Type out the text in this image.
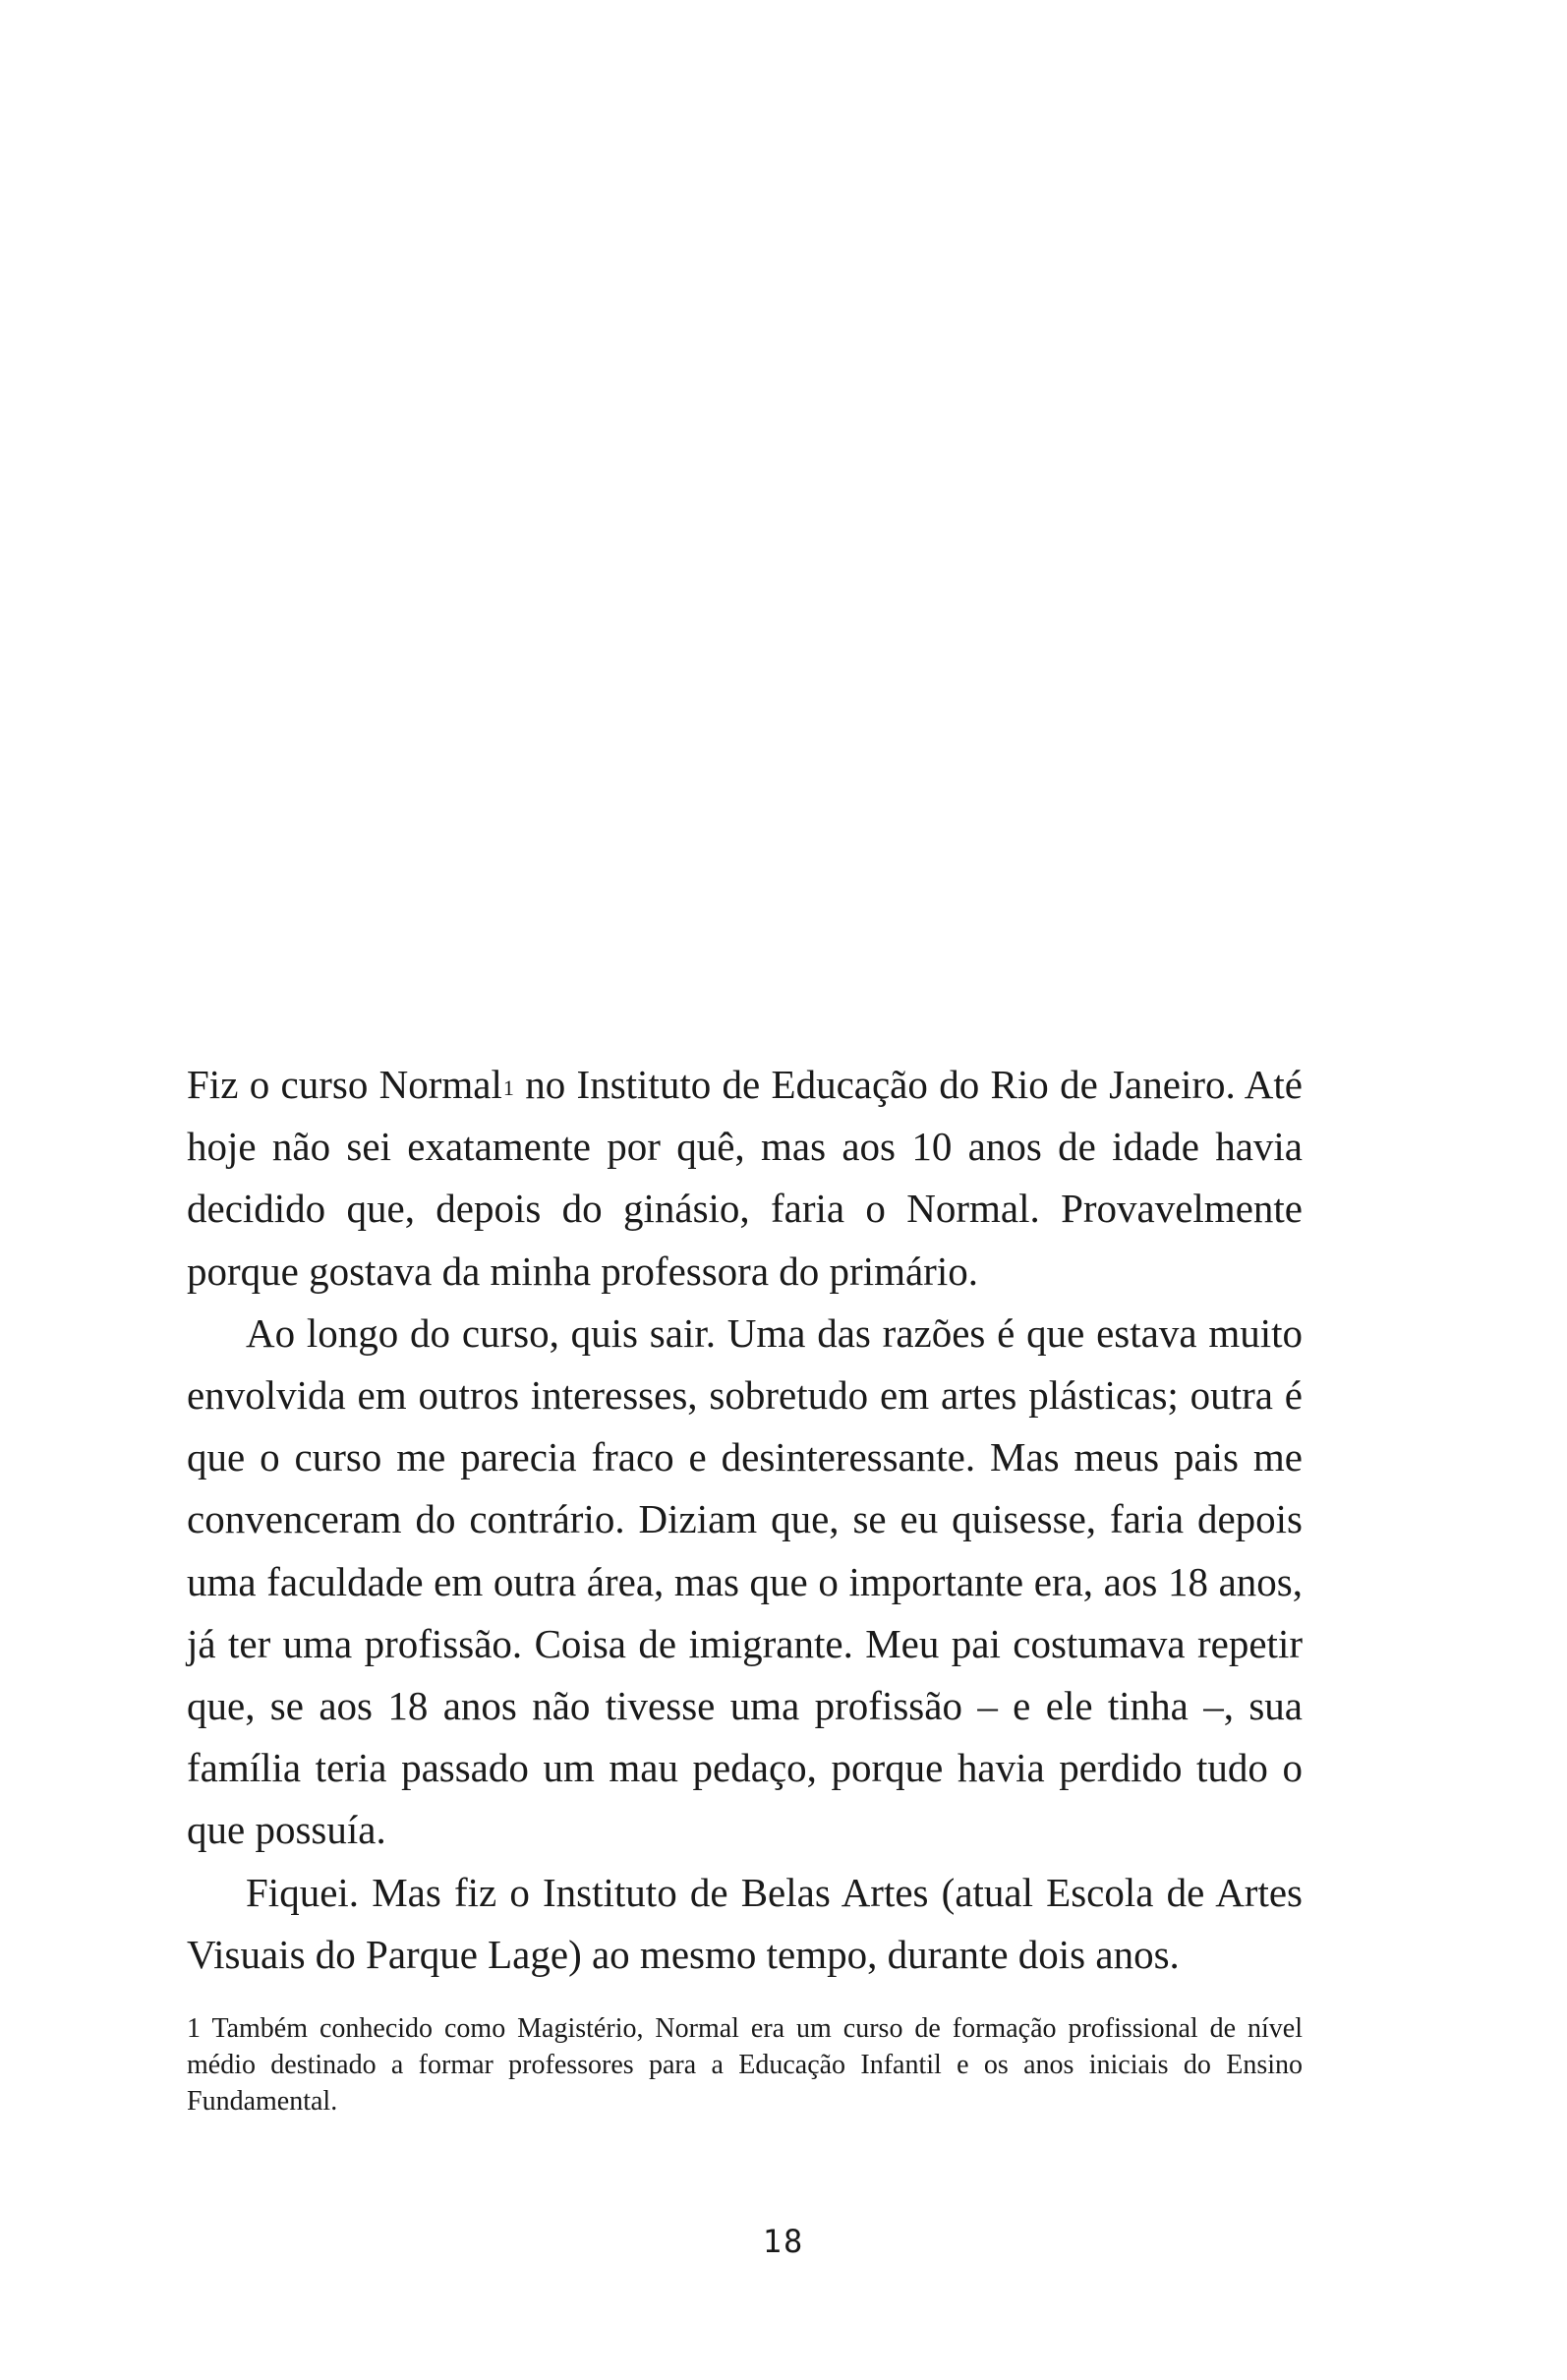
Fiz o curso Normal$^1$ no Instituto de Educação do Rio de Janeiro. Até hoje não sei exatamente por quê, mas aos 10 anos de idade havia decidido que, depois do ginásio, faria o Normal. Provavelmente porque gostava da minha professora do primário.

Ao longo do curso, quis sair. Uma das razões é que estava muito envolvida em outros interesses, sobretudo em artes plásticas; outra é que o curso me parecia fraco e desinteressante. Mas meus pais me convenceram do contrário. Diziam que, se eu quisesse, faria depois uma faculdade em outra área, mas que o importante era, aos 18 anos, já ter uma profissão. Coisa de imigrante. Meu pai costumava repetir que, se aos 18 anos não tivesse uma profissão – e ele tinha –, sua família teria passado um mau pedaço, porque havia perdido tudo o que possuía.

Fiquei. Mas fiz o Instituto de Belas Artes (atual Escola de Artes Visuais do Parque Lage) ao mesmo tempo, durante dois anos.

1 Também conhecido como Magistério, Normal era um curso de formação profissional de nível médio destinado a formar professores para a Educação Infantil e os anos iniciais do Ensino Fundamental.

18
